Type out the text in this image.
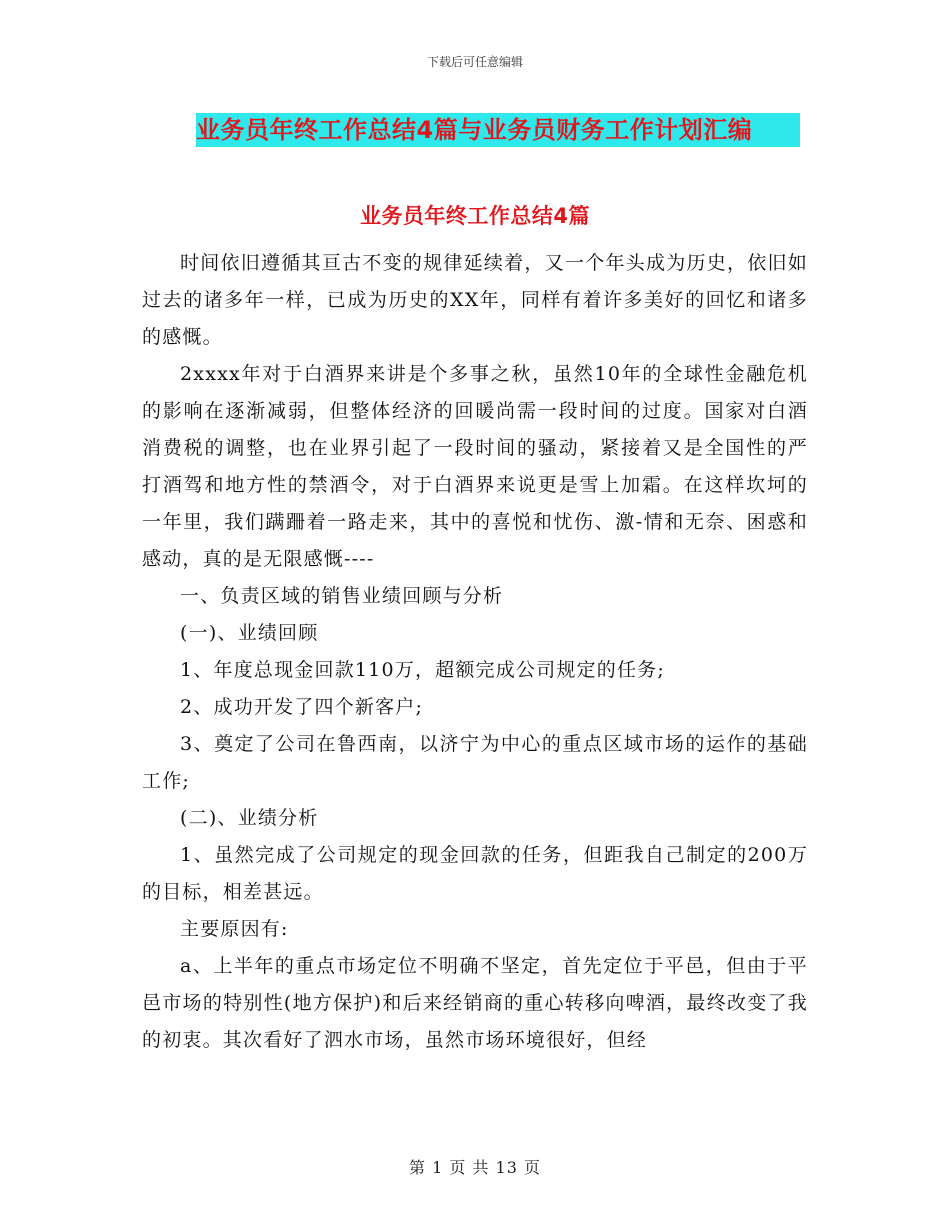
下载后可任意编辑
业务员年终工作总结4篇与业务员财务工作计划汇编
业务员年终工作总结4篇

时间依旧遵循其亘古不变的规律延续着，又一个年头成为历史，依旧如过去的诸多年一样，已成为历史的XX年，同样有着许多美好的回忆和诸多的感慨。

2xxxx年对于白酒界来讲是个多事之秋，虽然10年的全球性金融危机的影响在逐渐减弱，但整体经济的回暖尚需一段时间的过度。国家对白酒消费税的调整，也在业界引起了一段时间的骚动，紧接着又是全国性的严打酒驾和地方性的禁酒令，对于白酒界来说更是雪上加霜。在这样坎坷的一年里，我们蹒跚着一路走来，其中的喜悦和忧伤、激-情和无奈、困惑和感动，真的是无限感慨----

一、负责区域的销售业绩回顾与分析

(一)、业绩回顾

1、年度总现金回款110万，超额完成公司规定的任务;

2、成功开发了四个新客户;

3、奠定了公司在鲁西南，以济宁为中心的重点区域市场的运作的基础工作;

(二)、业绩分析

1、虽然完成了公司规定的现金回款的任务，但距我自己制定的200万的目标，相差甚远。

主要原因有:

a、上半年的重点市场定位不明确不坚定，首先定位于平邑，但由于平邑市场的特别性(地方保护)和后来经销商的重心转移向啤酒，最终改变了我的初衷。其次看好了泗水市场，虽然市场环境很好，但经

第 1 页 共 13 页
